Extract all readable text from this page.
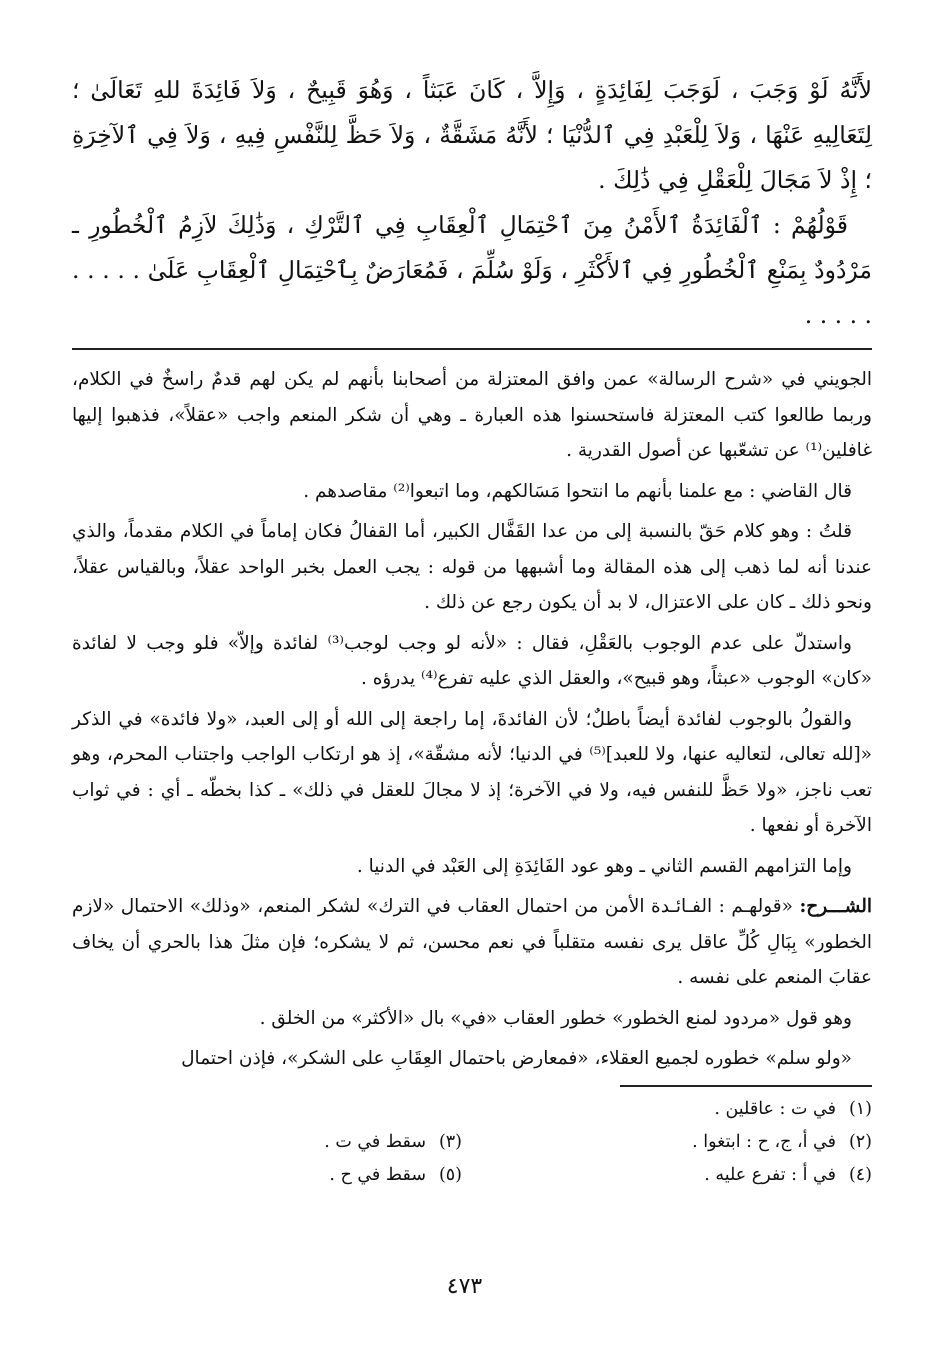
لأَنَّهُ لَوْ وَجَبَ ، لَوَجَبَ لِفَائِدَةٍ ، وَإِلاَّ ، كَانَ عَبَثاً ، وَهُوَ قَبِيحٌ ، وَلاَ فَائِدَةَ للهِ تَعَالَىٰ ؛ لِتَعَالِيهِ عَنْهَا ، وَلاَ لِلْعَبْدِ فِي ٱلدُّنْيَا ؛ لأَنَّهُ مَشَقَّةٌ ، وَلاَ حَظَّ لِلنَّفْسِ فِيهِ ، وَلاَ فِي ٱلآخِرَةِ ؛ إِذْ لاَ مَجَالَ لِلْعَقْلِ فِي ذَٰلِكَ .

قَوْلُهُمْ : ٱلْفَائِدَةُ ٱلأَمْنُ مِنَ ٱحْتِمَالِ ٱلْعِقَابِ فِي ٱلتَّرْكِ ، وَذَٰلِكَ لاَزِمُ ٱلْخُطُورِ ـ مَرْدُودٌ بِمَنْعِ ٱلْخُطُورِ فِي ٱلأَكْثَرِ ، وَلَوْ سُلِّمَ ، فَمُعَارَضٌ بِٱحْتِمَالِ ٱلْعِقَابِ عَلَىٰ . . . . . . . . . .

الجويني في «شرح الرسالة» عمن وافق المعتزلة من أصحابنا بأنهم لم يكن لهم قدمٌ راسخٌ في الكلام، وربما طالعوا كتب المعتزلة فاستحسنوا هذه العبارة ـ وهي أن شكر المنعم واجب «عقلاً»، فذهبوا إليها غافلين⁽¹⁾ عن تشعّبها عن أصول القدرية .

قال القاضي : مع علمنا بأنهم ما انتحوا مَسَالكهم، وما اتبعوا⁽²⁾ مقاصدهم .

قلتُ : وهو كلام حَقّ بالنسبة إلى من عدا القَفَّال الكبير، أما القفالُ فكان إماماً في الكلام مقدماً، والذي عندنا أنه لما ذهب إلى هذه المقالة وما أشبهها من قوله : يجب العمل بخبر الواحد عقلاً، وبالقياس عقلاً، ونحو ذلك ـ كان على الاعتزال، لا بد أن يكون رجع عن ذلك .

واستدلّ على عدم الوجوب بالعَقْلِ، فقال : «لأنه لو وجب لوجب⁽³⁾ لفائدة وإلاّ» فلو وجب لا لفائدة «كان» الوجوب «عبثاً، وهو قبيح»، والعقل الذي عليه تفرع⁽⁴⁾ يدرؤه .

والقولُ بالوجوب لفائدة أيضاً باطلٌ؛ لأن الفائدةَ، إما راجعة إلى الله أو إلى العبد، «ولا فائدة» في الذكر «[لله تعالى، لتعاليه عنها، ولا للعبد]⁽⁵⁾ في الدنيا؛ لأنه مشقّة»، إذ هو ارتكاب الواجب واجتناب المحرم، وهو تعب ناجز، «ولا حَظَّ للنفس فيه، ولا في الآخرة؛ إذ لا مجالَ للعقل في ذلك» ـ كذا بخطّه ـ أي : في ثواب الآخرة أو نفعها .

وإما التزامهم القسم الثاني ـ وهو عود الفَائِدَةِ إلى العَبْد في الدنيا .

الشـــرح: «قولهـم : الفـائـدة الأمن من احتمال العقاب في الترك» لشكر المنعم، «وذلك» الاحتمال «لازم الخطور» بِبَالِ كُلِّ عاقل يرى نفسه متقلباً في نعم محسن، ثم لا يشكره؛ فإن مثلَ هذا بالحري أن يخاف عقابَ المنعم على نفسه .

وهو قول «مردود لمنع الخطور» خطور العقاب «في» بال «الأكثر» من الخلق .

«ولو سلم» خطوره لجميع العقلاء، «فمعارض باحتمال العِقَابِ على الشكر»، فإذن احتمال

(١)في ت : عاقلين .
(٢)في أ، ج، ح : ابتغوا .
(٣)سقط في ت .
(٤)في أ : تفرع عليه .
(٥)سقط في ح .
٤٧٣
